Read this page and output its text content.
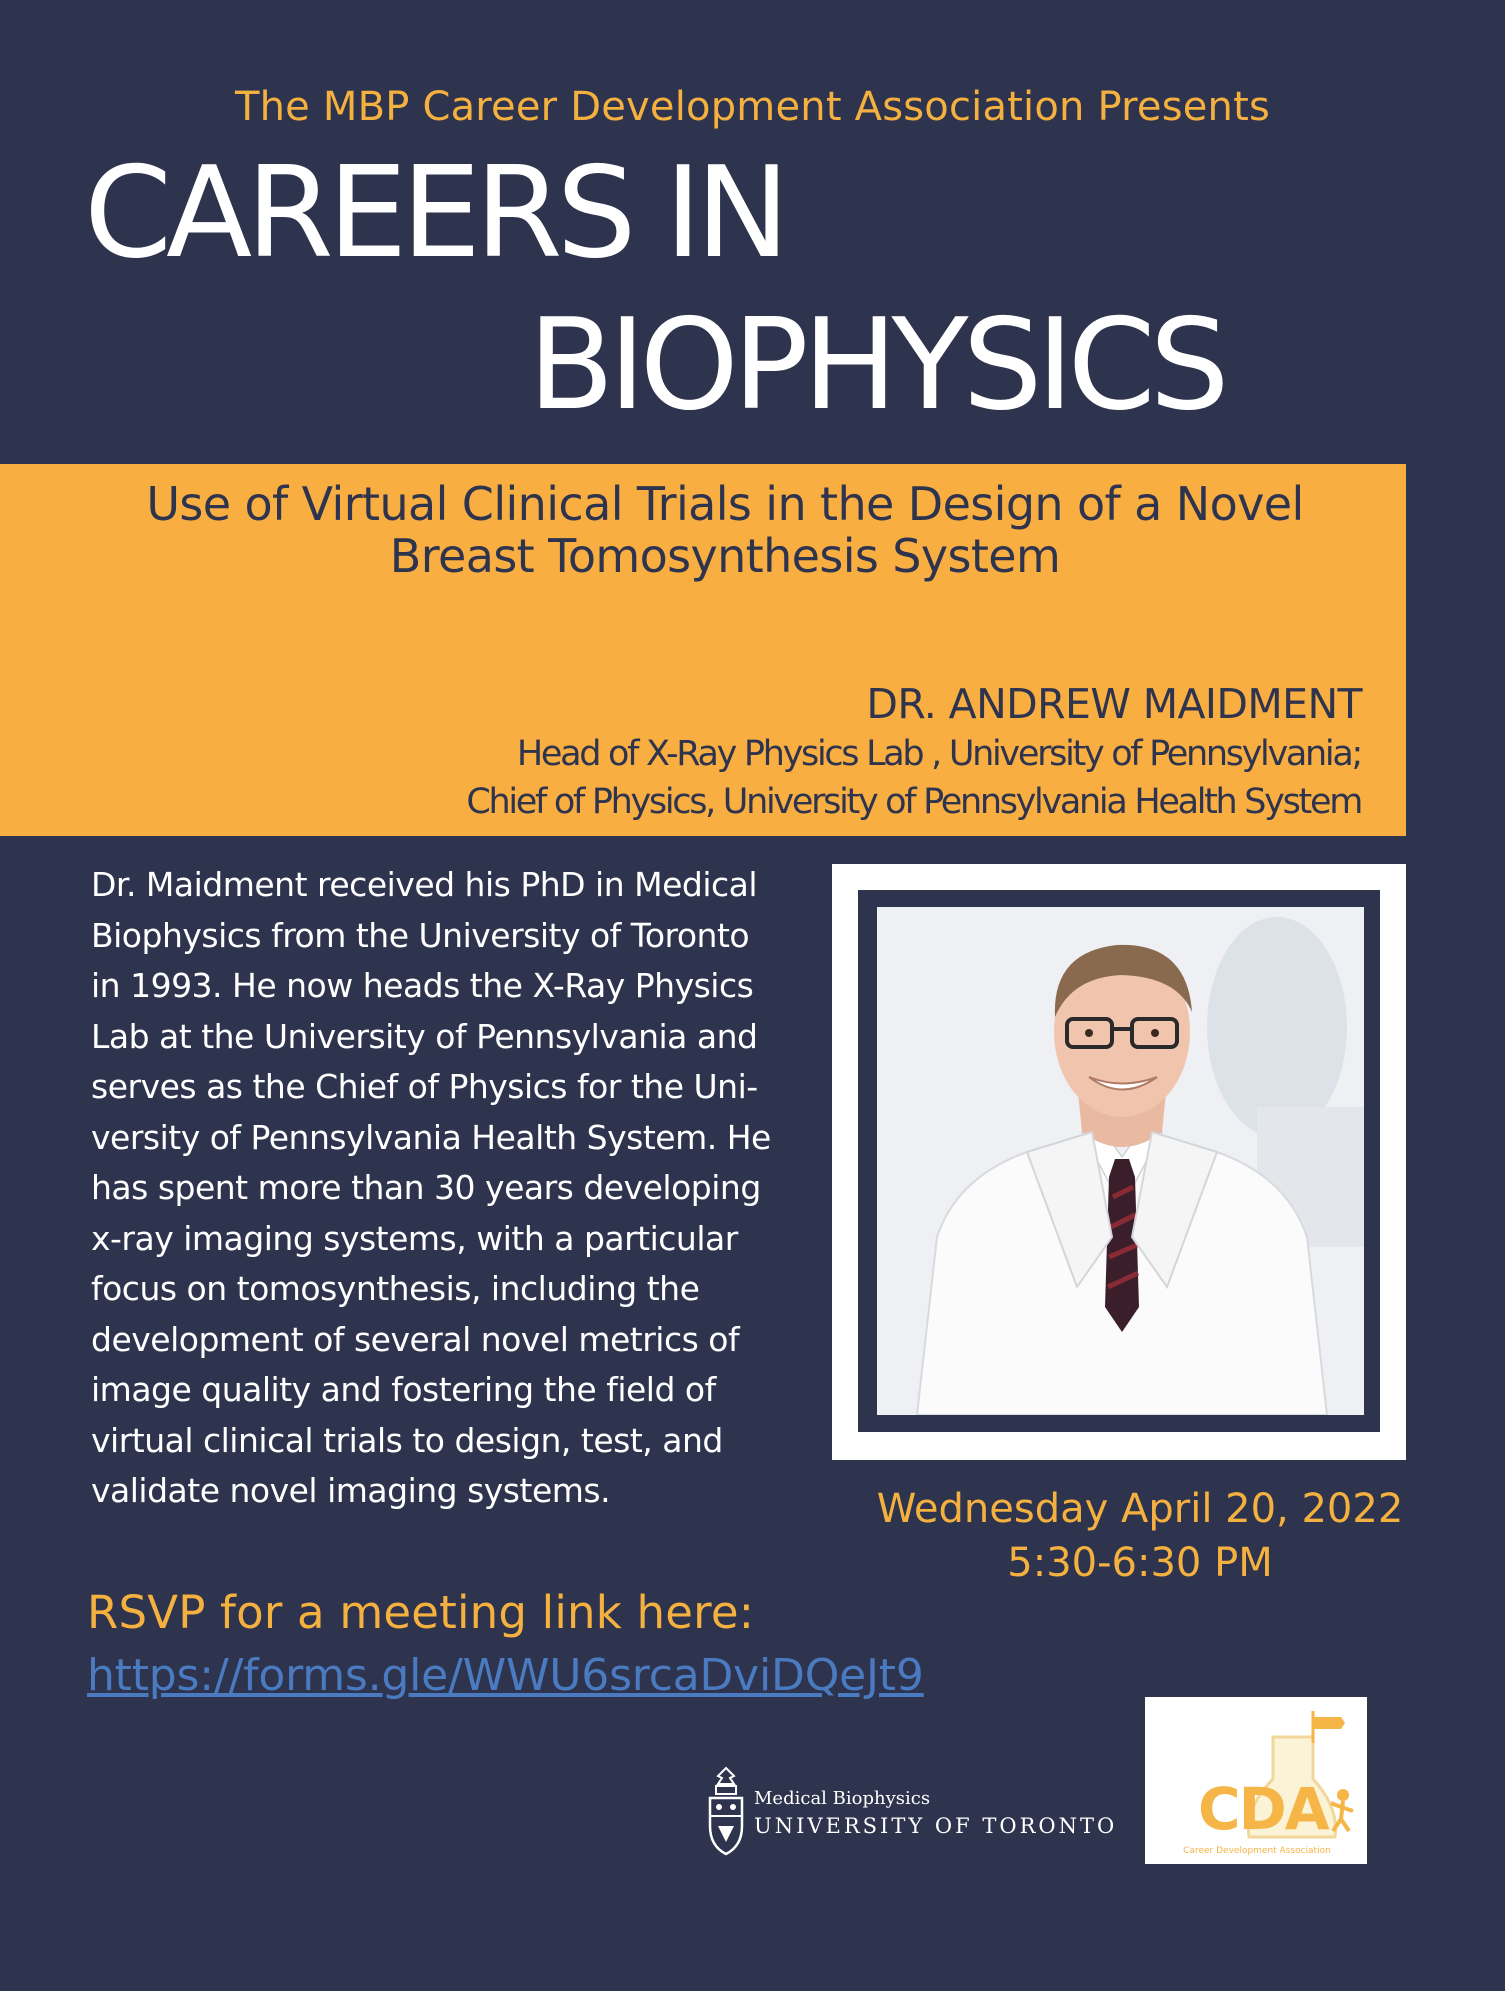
The MBP Career Development Association Presents
CAREERS IN
BIOPHYSICS
Use of Virtual Clinical Trials in the Design of a Novel
Breast Tomosynthesis System
DR. ANDREW MAIDMENT
Head of X-Ray Physics Lab , University of Pennsylvania;
Chief of Physics, University of Pennsylvania Health System
Dr. Maidment received his PhD in Medical
Biophysics from the University of Toronto
in 1993. He now heads the X-Ray Physics
Lab at the University of Pennsylvania and
serves as the Chief of Physics for the Uni-
versity of Pennsylvania Health System. He
has spent more than 30 years developing
x-ray imaging systems, with a particular
focus on tomosynthesis, including the
development of several novel metrics of
image quality and fostering the field of
virtual clinical trials to design, test, and
validate novel imaging systems.	Wednesday April 20, 2022
5:30-6:30 PM
RSVP for a meeting link here:
https://forms.gle/WWU6srcaDviDQeJt9
Medical Biophysics
UNIVERSITY OF TORONTO CDA
Career Development Association
